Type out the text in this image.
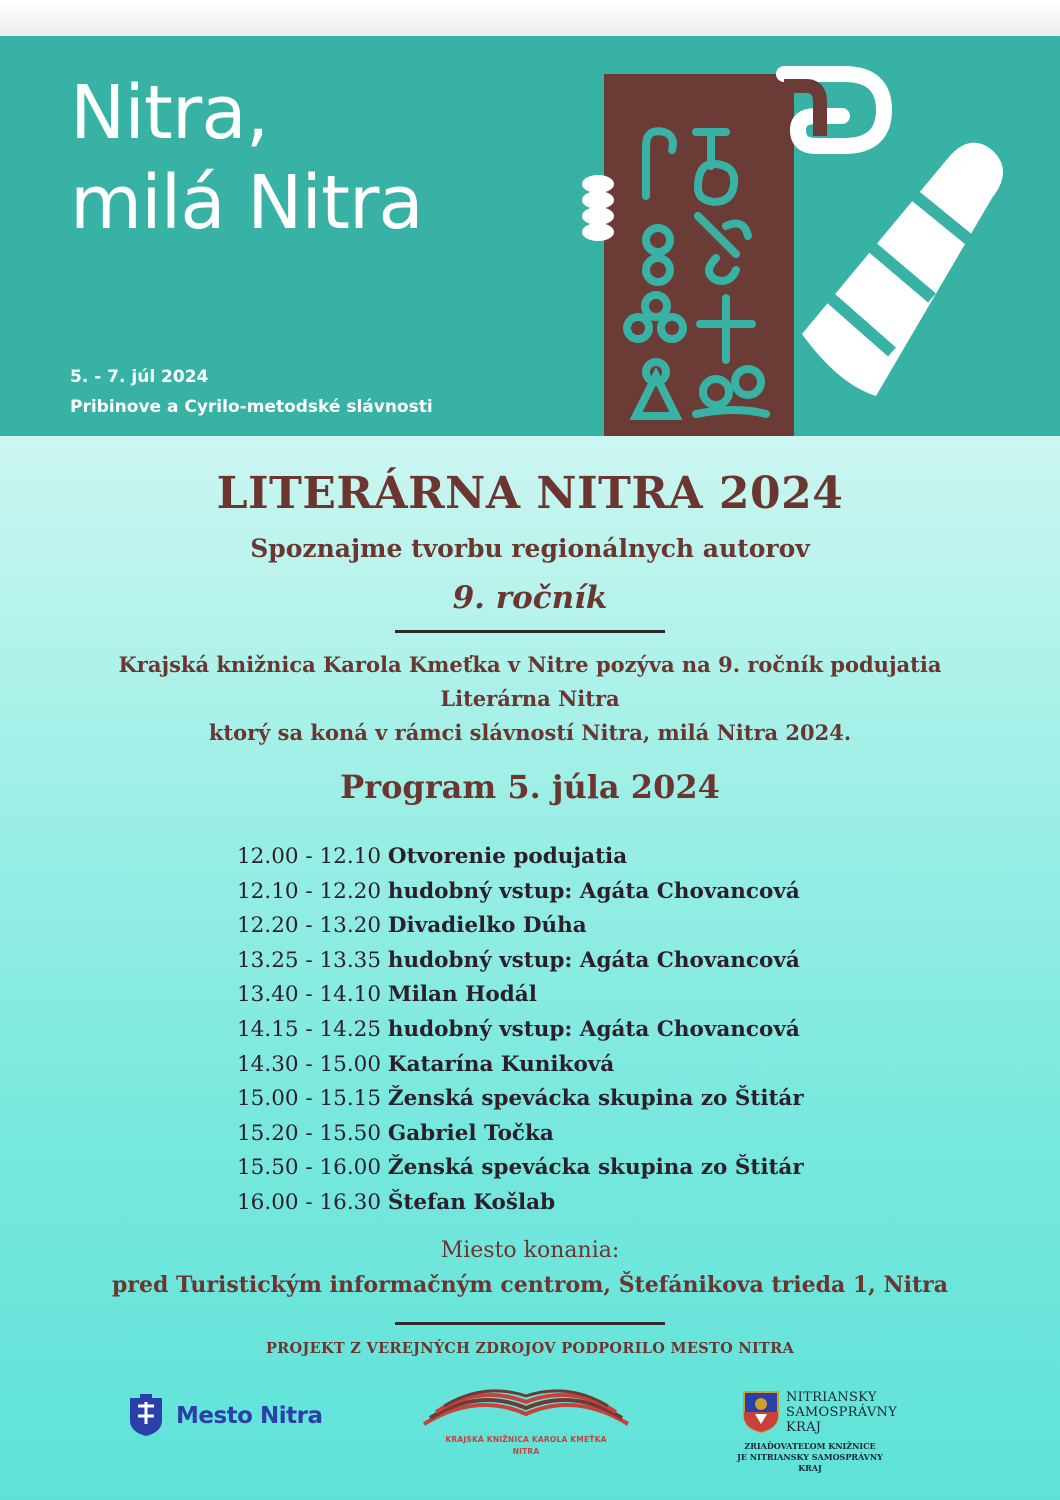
Nitra,
milá Nitra
5. - 7. júl 2024
Pribinove a Cyrilo-metodské slávnosti
LITERÁRNA NITRA 2024
Spoznajme tvorbu regionálnych autorov
9. ročník
Krajská knižnica Karola Kmeťka v Nitre pozýva na 9. ročník podujatia
Literárna Nitra
ktorý sa koná v rámci slávností Nitra, milá Nitra 2024.
Program 5. júla 2024
12.00 - 12.10 Otvorenie podujatia
12.10 - 12.20 hudobný vstup: Agáta Chovancová
12.20 - 13.20 Divadielko Dúha
13.25 - 13.35 hudobný vstup: Agáta Chovancová
13.40 - 14.10 Milan Hodál
14.15 - 14.25 hudobný vstup: Agáta Chovancová
14.30 - 15.00 Katarína Kuniková
15.00 - 15.15 Ženská spevácka skupina zo Štitár
15.20 - 15.50 Gabriel Točka
15.50 - 16.00 Ženská spevácka skupina zo Štitár
16.00 - 16.30 Štefan Košlab
Miesto konania:
pred Turistickým informačným centrom, Štefánikova trieda 1, Nitra
PROJEKT Z VEREJNÝCH ZDROJOV PODPORILO MESTO NITRA
Mesto Nitra
KRAJSKÁ KNIŽNICA KAROLA KMEŤKA
NITRA
NITRIANSKY
SAMOSPRÁVNY
KRAJ
ZRIAĎOVATEĽOM KNIŽNICE
JE NITRIANSKY SAMOSPRÁVNY KRAJ
